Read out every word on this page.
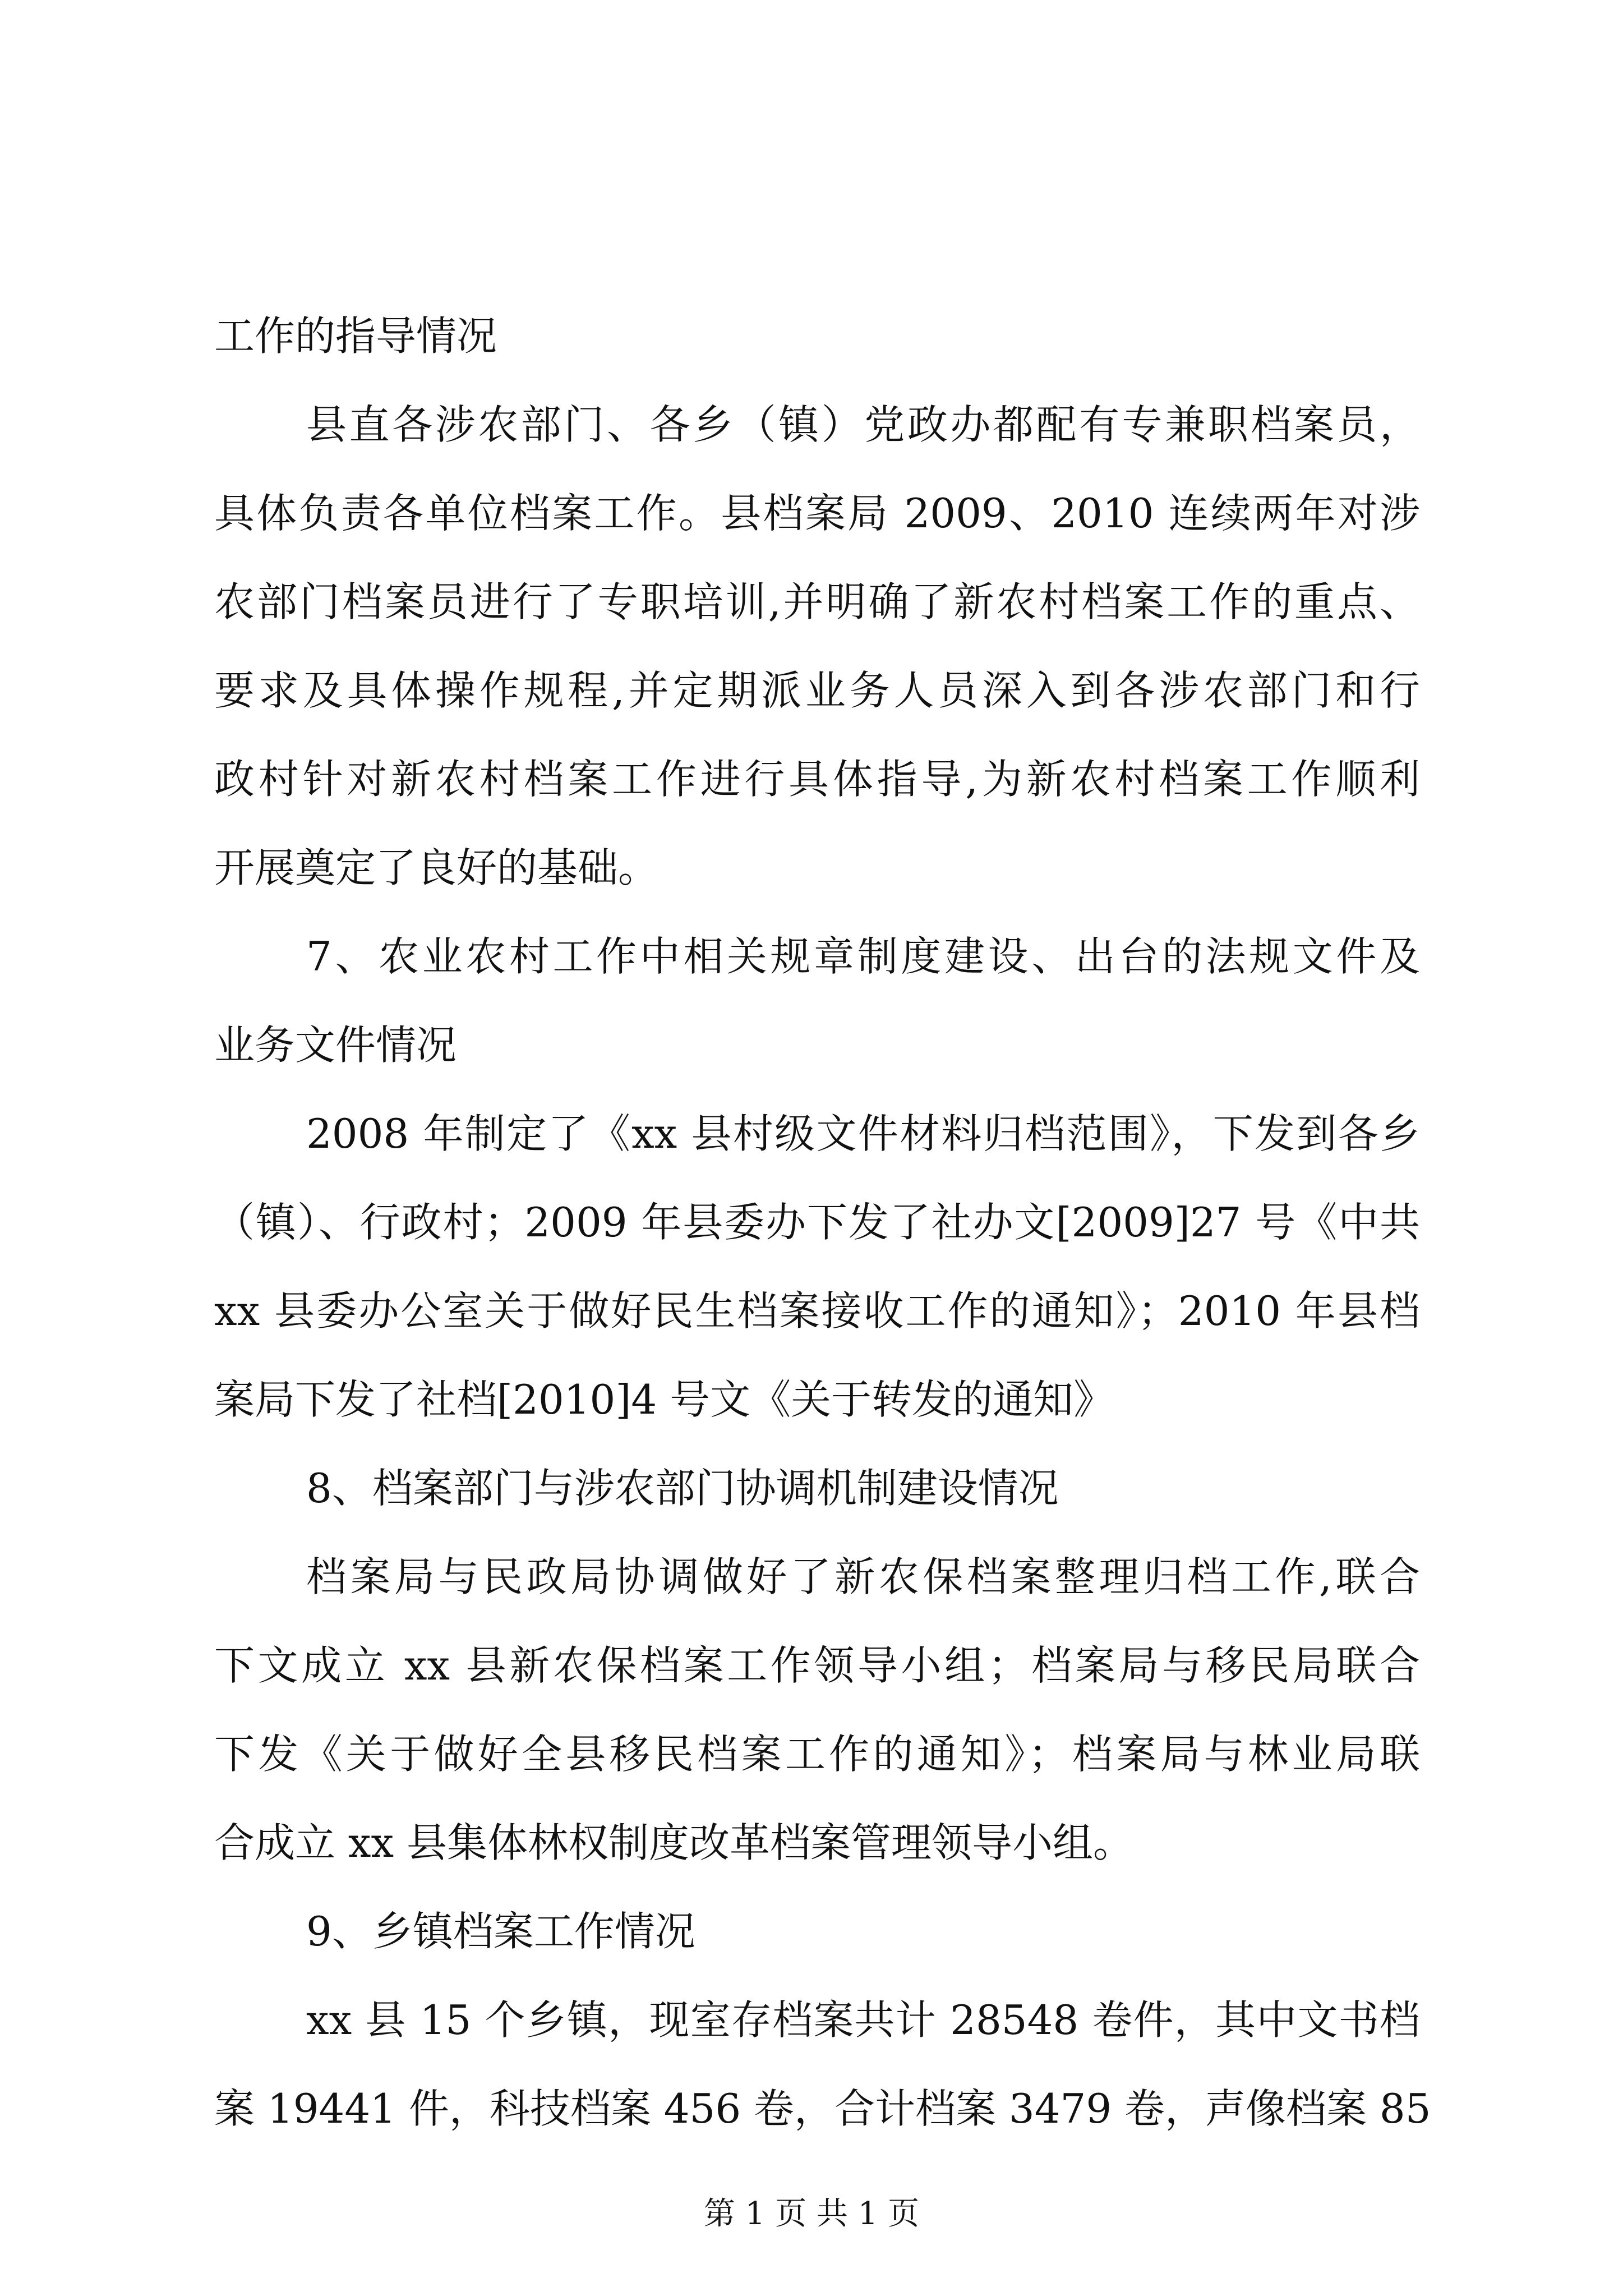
工作的指导情况
县直各涉农部门、各乡（镇）党政办都配有专兼职档案员，
具体负责各单位档案工作。县档案局 2009、2010 连续两年对涉
农部门档案员进行了专职培训,并明确了新农村档案工作的重点、
要求及具体操作规程,并定期派业务人员深入到各涉农部门和行
政村针对新农村档案工作进行具体指导,为新农村档案工作顺利
开展奠定了良好的基础。
7、农业农村工作中相关规章制度建设、出台的法规文件及
业务文件情况
2008 年制定了《xx 县村级文件材料归档范围》，下发到各乡
（镇）、行政村；2009 年县委办下发了社办文[2009]27 号《中共
xx 县委办公室关于做好民生档案接收工作的通知》；2010 年县档
案局下发了社档[2010]4 号文《关于转发的通知》
8、档案部门与涉农部门协调机制建设情况
档案局与民政局协调做好了新农保档案整理归档工作,联合
下文成立 xx 县新农保档案工作领导小组；档案局与移民局联合
下发《关于做好全县移民档案工作的通知》；档案局与林业局联
合成立 xx 县集体林权制度改革档案管理领导小组。
9、乡镇档案工作情况
xx 县 15 个乡镇，现室存档案共计 28548 卷件，其中文书档
案 19441 件，科技档案 456 卷，合计档案 3479 卷，声像档案 85
第 1 页 共 1 页
